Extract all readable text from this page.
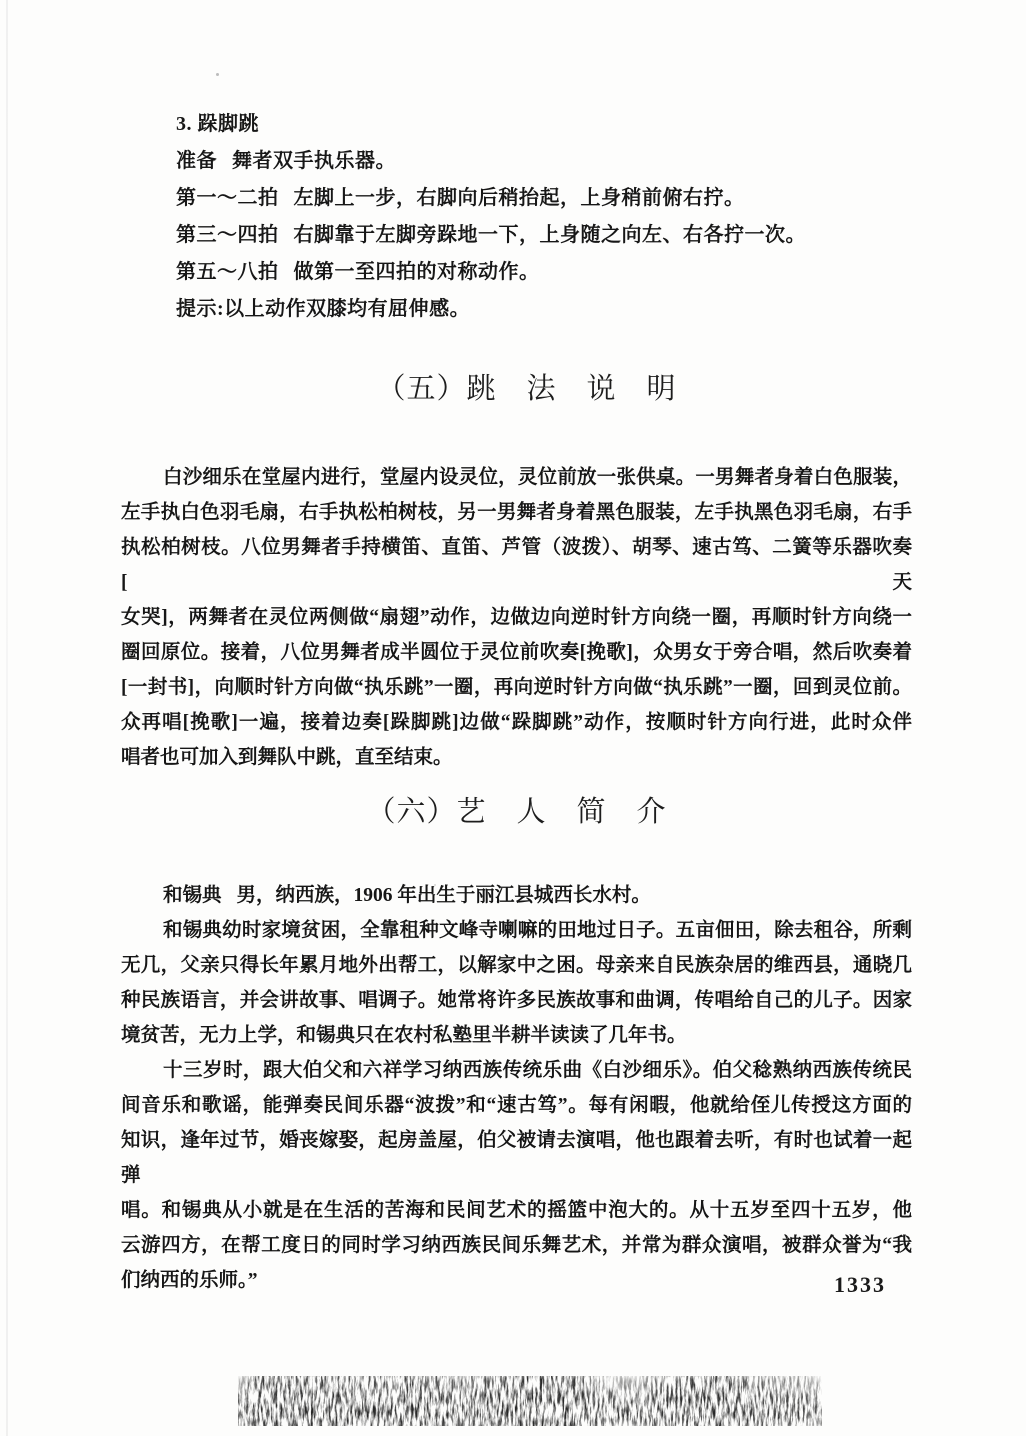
3. 跺脚跳
准备 舞者双手执乐器。
第一～二拍 左脚上一步，右脚向后稍抬起，上身稍前俯右拧。
第三～四拍 右脚靠于左脚旁跺地一下，上身随之向左、右各拧一次。
第五～八拍 做第一至四拍的对称动作。
提示:以上动作双膝均有屈伸感。
（五）跳　法　说　明
白沙细乐在堂屋内进行，堂屋内设灵位，灵位前放一张供桌。一男舞者身着白色服装，
左手执白色羽毛扇，右手执松柏树枝，另一男舞者身着黑色服装，左手执黑色羽毛扇，右手
执松柏树枝。八位男舞者手持横笛、直笛、芦管（波拨）、胡琴、速古笃、二簧等乐器吹奏[天
女哭]，两舞者在灵位两侧做“扇翅”动作，边做边向逆时针方向绕一圈，再顺时针方向绕一
圈回原位。接着，八位男舞者成半圆位于灵位前吹奏[挽歌]，众男女于旁合唱，然后吹奏着
[一封书]，向顺时针方向做“执乐跳”一圈，再向逆时针方向做“执乐跳”一圈，回到灵位前。
众再唱[挽歌]一遍，接着边奏[跺脚跳]边做“跺脚跳”动作，按顺时针方向行进，此时众伴
唱者也可加入到舞队中跳，直至结束。
（六）艺　人　简　介
和锡典 男，纳西族，1906 年出生于丽江县城西长水村。
和锡典幼时家境贫困，全靠租种文峰寺喇嘛的田地过日子。五亩佃田，除去租谷，所剩
无几，父亲只得长年累月地外出帮工，以解家中之困。母亲来自民族杂居的维西县，通晓几
种民族语言，并会讲故事、唱调子。她常将许多民族故事和曲调，传唱给自己的儿子。因家
境贫苦，无力上学，和锡典只在农村私塾里半耕半读读了几年书。
十三岁时，跟大伯父和六祥学习纳西族传统乐曲《白沙细乐》。伯父稔熟纳西族传统民
间音乐和歌谣，能弹奏民间乐器“波拨”和“速古笃”。每有闲暇，他就给侄儿传授这方面的
知识，逢年过节，婚丧嫁娶，起房盖屋，伯父被请去演唱，他也跟着去听，有时也试着一起弹
唱。和锡典从小就是在生活的苦海和民间艺术的摇篮中泡大的。从十五岁至四十五岁，他
云游四方，在帮工度日的同时学习纳西族民间乐舞艺术，并常为群众演唱，被群众誉为“我
们纳西的乐师。”	1333
